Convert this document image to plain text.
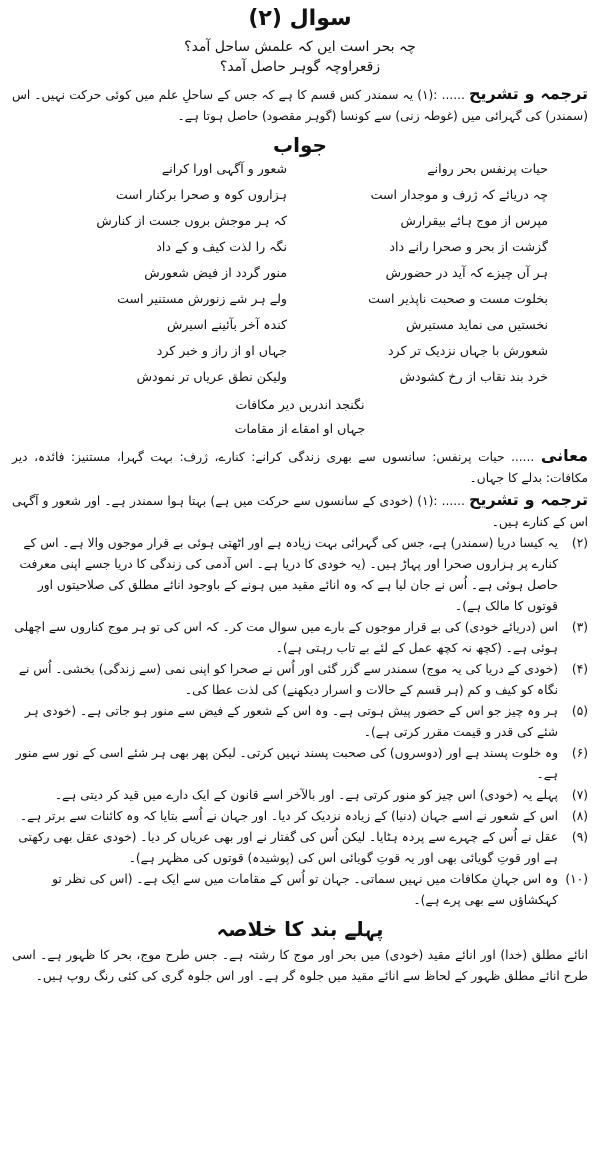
سوال (۲)
چہ بحر است ایں کہ علمش ساحل آمد؟
زقعراوچہ گوہر حاصل آمد؟

ترجمہ و تشریح ...... :(۱) یہ سمندر کس قسم کا ہے کہ جس کے ساحلِ علم میں کوئی حرکت نہیں۔ اس (سمندر) کی گہرائی میں (غوطہ زنی) سے کونسا (گوہر مقصود) حاصل ہوتا ہے۔

جواب
حیات پرنفس بحر روانے
شعور و آگہی اورا کرانے
چہ دریائے کہ ژرف و موجدار است
ہزاروں کوہ و صحرا برکنار است
مپرس از موج ہائے بیقرارش
کہ ہر موجش بروں جست از کنارش
گزشت از بحر و صحرا رانے داد
نگہ را لذت کیف و کے داد
ہر آں چیزے کہ آید در حضورش
منور گردد از فیض شعورش
بخلوت مست و صحبت ناپذیر است
ولے ہر شے زنورش مستنیر است
نخستیں می نماید مستیرش
کندہ آخر بآئینے اسیرش
شعورش با جہاں نزدیک تر کرد
جہاں او از راز و خبر کرد
خرد بند نقاب از رخ کشودش
ولیکن نطق عریاں تر نمودش
نگنجد اندریں دیر مکافات
جہاں او امقاے از مقامات

معانی ...... حیات پرنفس: سانسوں سے بھری زندگی کرانے: کنارے، ژرف: بہت گہرا، مستنیز: فائدہ، دیر مکافات: بدلے کا جہاں۔

ترجمہ و تشریح ...... :(۱) (خودی کے سانسوں سے حرکت میں ہے) بہتا ہوا سمندر ہے۔ اور شعور و آگہی اس کے کنارے ہیں۔

(۲)
یہ کیسا دریا (سمندر) ہے، جس کی گہرائی بہت زیادہ ہے اور اٹھتی ہوئی بے قرار موجوں والا ہے۔ اس کے کنارے پر ہزاروں صحرا اور پہاڑ ہیں۔ (یہ خودی کا دریا ہے۔ اس آدمی کی زندگی کا دریا جسے اپنی معرفت حاصل ہوئی ہے۔ اُس نے جان لیا ہے کہ وہ انائے مقید میں ہونے کے باوجود انائے مطلق کی صلاحیتوں اور قوتوں کا مالک ہے)۔
(۳)
اس (دریائے خودی) کی بے قرار موجوں کے بارے میں سوال مت کر۔ کہ اس کی تو ہر موج کناروں سے اچھلی ہوئی ہے۔ (کچھ نہ کچھ عمل کے لئے بے تاب رہتی ہے)۔
(۴)
(خودی کے دریا کی یہ موج) سمندر سے گزر گئی اور اُس نے صحرا کو اپنی نمی (سے زندگی) بخشی۔ اُس نے نگاہ کو کیف و کم (ہر قسم کے حالات و اسرار دیکھنے) کی لذت عطا کی۔
(۵)
ہر وہ چیز جو اس کے حضور پیش ہوتی ہے۔ وہ اس کے شعور کے فیض سے منور ہو جاتی ہے۔ (خودی ہر شئے کی قدر و قیمت مقرر کرتی ہے)۔
(۶)
وہ خلوت پسند ہے اور (دوسروں) کی صحبت پسند نہیں کرتی۔ لیکن پھر بھی ہر شئے اسی کے نور سے منور ہے۔
(۷)
پہلے یہ (خودی) اس چیز کو منور کرتی ہے۔ اور بالآخر اسے قانون کے ایک دارے میں قید کر دیتی ہے۔
(۸)
اس کے شعور نے اسے جہان (دنیا) کے زیادہ نزدیک کر دیا۔ اور جہان نے اُسے بتایا کہ وہ کائنات سے برتر ہے۔
(۹)
عقل نے اُس کے چہرے سے پردہ ہٹایا۔ لیکن اُس کی گفتار نے اور بھی عریاں کر دیا۔ (خودی عقل بھی رکھتی ہے اور قوتِ گویائی بھی اور یہ قوتِ گویائی اس کی (پوشیدہ) قوتوں کی مظہر ہے)۔
(۱۰)
وہ اس جہانِ مکافات میں نہیں سماتی۔ جہان تو اُس کے مقامات میں سے ایک ہے۔ (اس کی نظر تو کہکشاؤں سے بھی پرے ہے)۔
پہلے بند کا خلاصہ

انائے مطلق (خدا) اور انائے مقید (خودی) میں بحر اور موج کا رشتہ ہے۔ جس طرح موج، بحر کا ظہور ہے۔ اسی طرح انائے مطلق ظہور کے لحاظ سے انائے مقید میں جلوہ گر ہے۔ اور اس جلوہ گری کی کئی رنگ روپ ہیں۔
